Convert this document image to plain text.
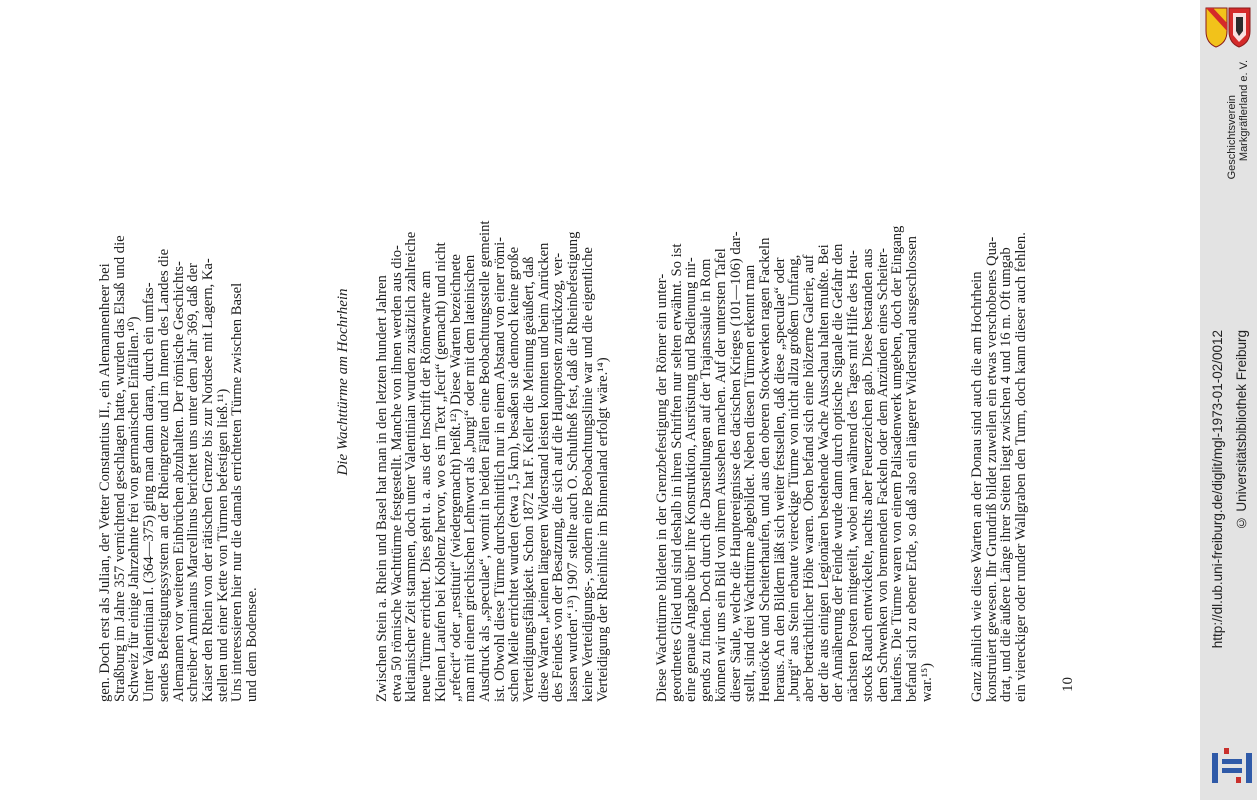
gen. Doch erst als Julian, der Vetter Constantius II., ein Alemannenheer bei
Straßburg im Jahre 357 vernichtend geschlagen hatte, wurden das Elsaß und die
Schweiz für einige Jahrzehnte frei von germanischen Einfällen.¹⁰)
Unter Valentinian I. (364—375) ging man dann daran, durch ein umfas-
sendes Befestigungssystem an der Rheingrenze und im Innern des Landes die
Alemannen vor weiteren Einbrüchen abzuhalten. Der römische Geschichts-
schreiber Ammianus Marcellinus berichtet uns unter dem Jahr 369, daß der
Kaiser den Rhein von der rätischen Grenze bis zur Nordsee mit Lagern, Ka-
stellen und einer Kette von Türmen befestigen ließ.¹¹)
Uns interessieren hier nur die damals errichteten Türme zwischen Basel
und dem Bodensee.

Die Wachttürme am Hochrhein

Zwischen Stein a. Rhein und Basel hat man in den letzten hundert Jahren
etwa 50 römische Wachttürme festgestellt. Manche von ihnen werden aus dio-
kletianischer Zeit stammen, doch unter Valentinian wurden zusätzlich zahlreiche
neue Türme errichtet. Dies geht u. a. aus der Inschrift der Römerwarte am
Kleinen Laufen bei Koblenz hervor, wo es im Text „fecit“ (gemacht) und nicht
„refecit“ oder „restituit“ (wiedergemacht) heißt.¹²) Diese Warten bezeichnete
man mit einem griechischen Lehnwort als „burgi“ oder mit dem lateinischen
Ausdruck als „speculae“, womit in beiden Fällen eine Beobachtungsstelle gemeint
ist. Obwohl diese Türme durchschnittlich nur in einem Abstand von einer römi-
schen Meile errichtet wurden (etwa 1,5 km), besaßen sie dennoch keine große
Verteidigungsfähigkeit. Schon 1872 hat F. Keller die Meinung geäußert, daß
diese Warten „keinen längeren Widerstand leisten konnten und beim Anrücken
des Feindes von der Besatzung, die sich auf die Hauptposten zurückzog, ver-
lassen wurden“.¹³) 1907 stellte auch O. Schultheß fest, daß die Rheinbefestigung
keine Verteidigungs-, sondern eine Beobachtungslinie war und die eigentliche
Verteidigung der Rheinlinie im Binnenland erfolgt wäre.¹⁴)

Diese Wachttürme bildeten in der Grenzbefestigung der Römer ein unter-
geordnetes Glied und sind deshalb in ihren Schriften nur selten erwähnt. So ist
eine genaue Angabe über ihre Konstruktion, Ausrüstung und Bedienung nir-
gends zu finden. Doch durch die Darstellungen auf der Trajanssäule in Rom
können wir uns ein Bild von ihrem Aussehen machen. Auf der untersten Tafel
dieser Säule, welche die Hauptereignisse des dacischen Krieges (101—106) dar-
stellt, sind drei Wachttürme abgebildet. Neben diesen Türmen erkennt man
Heustöcke und Scheiterhaufen, und aus den oberen Stockwerken ragen Fackeln
heraus. An den Bildern läßt sich weiter festsellen, daß diese „speculae“ oder
„burgi“ aus Stein erbaute viereckige Türme von nicht allzu großem Umfang,
aber beträchtlicher Höhe waren. Oben befand sich eine hölzerne Galerie, auf
der die aus einigen Legionären bestehende Wache Ausschau halten mußte. Bei
der Annäherung der Feinde wurde dann durch optische Signale die Gefahr den
nächsten Posten mitgeteilt, wobei man während des Tages mit Hilfe des Heu-
stocks Rauch entwickelte, nachts aber Feuerzeichen gab. Diese bestanden aus
dem Schwenken von brennenden Fackeln oder dem Anzünden eines Scheiter-
haufens. Die Türme waren von einem Palisadenwerk umgeben, doch der Eingang
befand sich zu ebener Erde, so daß also ein längerer Widerstand ausgeschlossen
war.¹⁵) Ganz ähnlich wie diese Warten an der Donau sind auch die am Hochrhein
konstruiert gewesen. Ihr Grundriß bildet zuweilen ein etwas verschobenes Qua-
drat, und die äußere Länge ihrer Seiten liegt zwischen 4 und 16 m. Oft umgab
ein viereckiger oder runder Wallgraben den Turm, doch kann dieser auch fehlen.

10
Geschichtsverein Markgräflerland e. V.
http://dl.ub.uni-freiburg.de/diglit/mgl-1973-01-02/0012 © Universitätsbibliothek Freiburg
